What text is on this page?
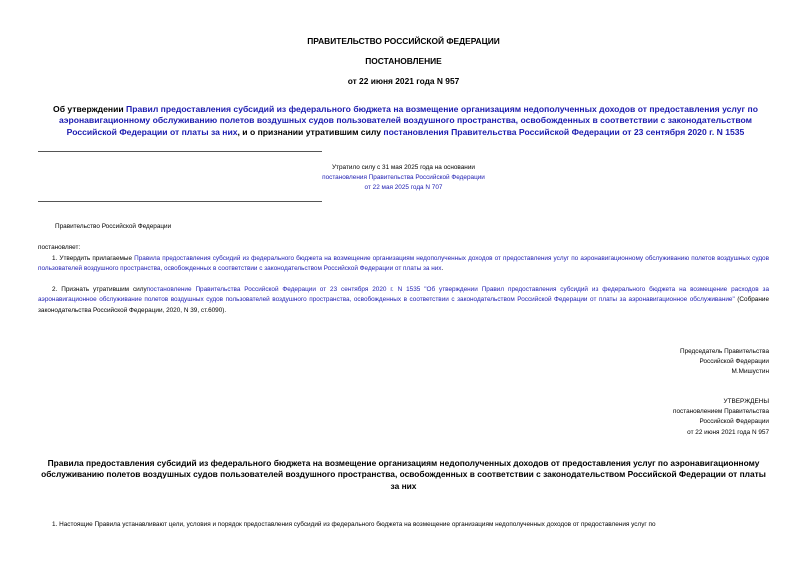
ПРАВИТЕЛЬСТВО РОССИЙСКОЙ ФЕДЕРАЦИИ
ПОСТАНОВЛЕНИЕ
от 22 июня 2021 года N 957
Об утверждении Правил предоставления субсидий из федерального бюджета на возмещение организациям недополученных доходов от предоставления услуг по аэронавигационному обслуживанию полетов воздушных судов пользователей воздушного пространства, освобожденных в соответствии с законодательством Российской Федерации от платы за них, и о признании утратившим силу постановления Правительства Российской Федерации от 23 сентября 2020 г. N 1535
Утратило силу с 31 мая 2025 года на основании
постановления Правительства Российской Федерации
от 22 мая 2025 года N 707
Правительство Российской Федерации
постановляет:
1. Утвердить прилагаемые Правила предоставления субсидий из федерального бюджета на возмещение организациям недополученных доходов от предоставления услуг по аэронавигационному обслуживанию полетов воздушных судов пользователей воздушного пространства, освобожденных в соответствии с законодательством Российской Федерации от платы за них.
2. Признать утратившим силупостановление Правительства Российской Федерации от 23 сентября 2020 г. N 1535 "Об утверждении Правил предоставления субсидий из федерального бюджета на возмещение расходов за аэронавигационное обслуживание полетов воздушных судов пользователей воздушного пространства, освобожденных в соответствии с законодательством Российской Федерации от платы за аэронавигационное обслуживание" (Собрание законодательства Российской Федерации, 2020, N 39, ст.6090).
Председатель Правительства
Российской Федерации
М.Мишустин
УТВЕРЖДЕНЫ
постановлением Правительства
Российской Федерации
от 22 июня 2021 года N 957
Правила предоставления субсидий из федерального бюджета на возмещение организациям недополученных доходов от предоставления услуг по аэронавигационному обслуживанию полетов воздушных судов пользователей воздушного пространства, освобожденных в соответствии с законодательством Российской Федерации от платы за них
1. Настоящие Правила устанавливают цели, условия и порядок предоставления субсидий из федерального бюджета на возмещение организациям недополученных доходов от предоставления услуг по
